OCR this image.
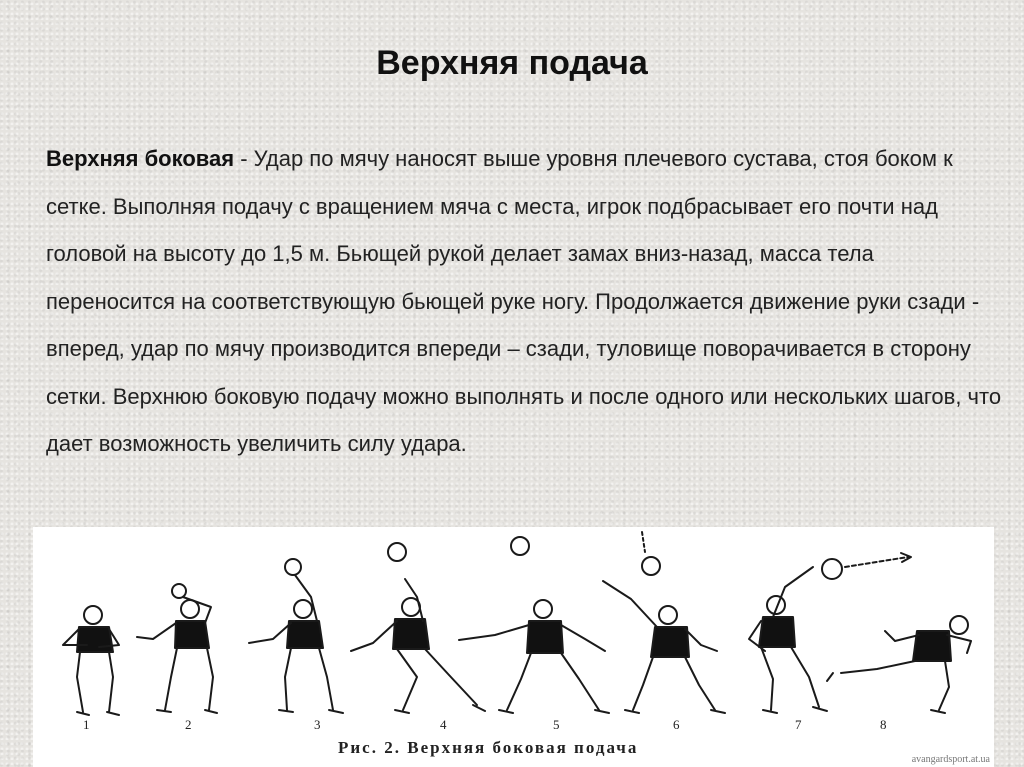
Верхняя подача
Верхняя боковая - Удар по мячу наносят выше уровня плечевого сустава, стоя боком к сетке. Выполняя подачу с вращением мяча с места, игрок подбрасывает его почти над головой на высоту до 1,5 м. Бьющей рукой делает замах вниз-назад, масса тела переносится на соответствующую бьющей руке ногу. Продолжается движение руки сзади - вперед, удар по мячу производится впереди – сзади, туловище поворачивается в сторону сетки. Верхнюю боковую подачу можно выполнять и после одного или нескольких шагов, что дает возможность увеличить силу удара.
1	2	3	4	5	6	7	8
Рис. 2. Верхняя боковая подача
avangardsport.at.ua
